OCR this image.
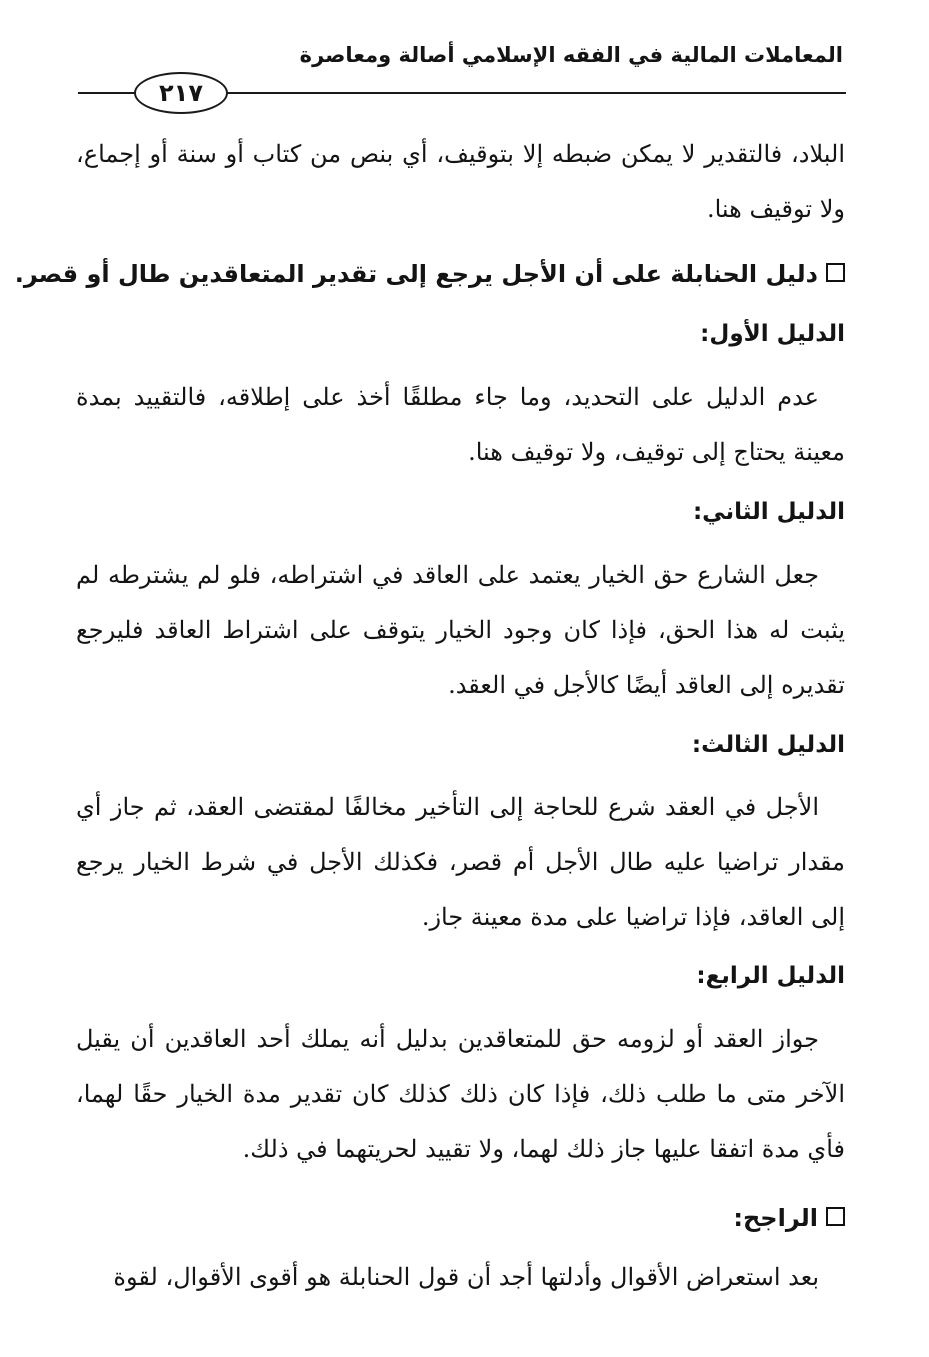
المعاملات المالية في الفقه الإسلامي أصالة ومعاصرة
٢١٧

البلاد، فالتقدير لا يمكن ضبطه إلا بتوقيف، أي بنص من كتاب أو سنة أو إجماع، ولا توقيف هنا.

دليل الحنابلة على أن الأجل يرجع إلى تقدير المتعاقدين طال أو قصر.
الدليل الأول:

عدم الدليل على التحديد، وما جاء مطلقًا أخذ على إطلاقه، فالتقييد بمدة معينة يحتاج إلى توقيف، ولا توقيف هنا.

الدليل الثاني:

جعل الشارع حق الخيار يعتمد على العاقد في اشتراطه، فلو لم يشترطه لم يثبت له هذا الحق، فإذا كان وجود الخيار يتوقف على اشتراط العاقد فليرجع تقديره إلى العاقد أيضًا كالأجل في العقد.

الدليل الثالث:

الأجل في العقد شرع للحاجة إلى التأخير مخالفًا لمقتضى العقد، ثم جاز أي مقدار تراضيا عليه طال الأجل أم قصر، فكذلك الأجل في شرط الخيار يرجع إلى العاقد، فإذا تراضيا على مدة معينة جاز.

الدليل الرابع:

جواز العقد أو لزومه حق للمتعاقدين بدليل أنه يملك أحد العاقدين أن يقيل الآخر متى ما طلب ذلك، فإذا كان ذلك كذلك كان تقدير مدة الخيار حقًا لهما، فأي مدة اتفقا عليها جاز ذلك لهما، ولا تقييد لحريتهما في ذلك.

الراجح:

بعد استعراض الأقوال وأدلتها أجد أن قول الحنابلة هو أقوى الأقوال، لقوة
